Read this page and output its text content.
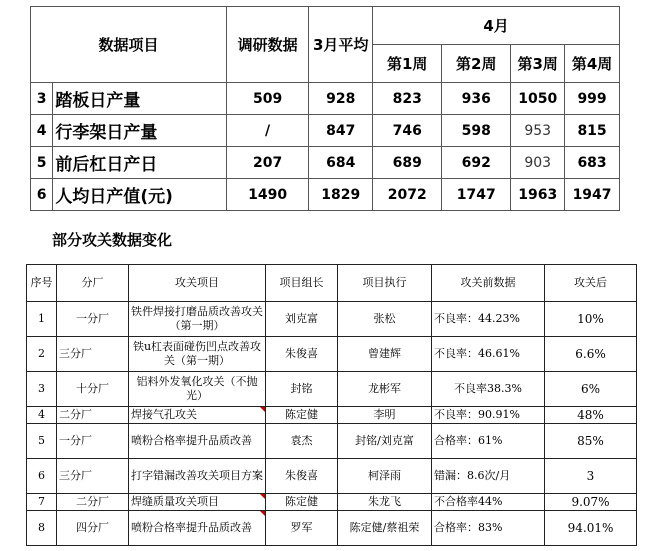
数据项目		调研数据	3月平均	4月			
				第1周	第2周	第3周	第4周
3	踏板日产量	509	928	823	936	1050	999
4	行李架日产量	/	847	746	598	953	815
5	前后杠日产日	207	684	689	692	903	683
6	人均日产值(元)	1490	1829	2072	1747	1963	1947
部分攻关数据变化
序号	分厂	攻关项目	项目组长	项目执行	攻关前数据	攻关后
1	一分厂	铁件焊接打磨品质改善攻关（第一期）	刘克富	张松	不良率：44.23%	10%
2	三分厂	铁u杠表面碰伤凹点改善攻关（第一期）	朱俊喜	曾建辉	不良率：46.61%	6.6%
3	十分厂	铝料外发氧化攻关（不抛光）	封铭	龙彬军	不良率38.3%	6%
4	二分厂	焊接气孔攻关	陈定健	李明	不良率：90.91%	48%
5	一分厂	喷粉合格率提升品质改善	袁杰	封铭/刘克富	合格率：61%	85%
6	三分厂	打字错漏改善攻关项目方案	朱俊喜	柯泽雨	错漏：8.6次/月	3
7	二分厂	焊缝质量攻关项目	陈定健	朱龙飞	不合格率44%	9.07%
8	四分厂	喷粉合格率提升品质改善	罗军	陈定健/蔡祖荣	合格率：83%	94.01%
